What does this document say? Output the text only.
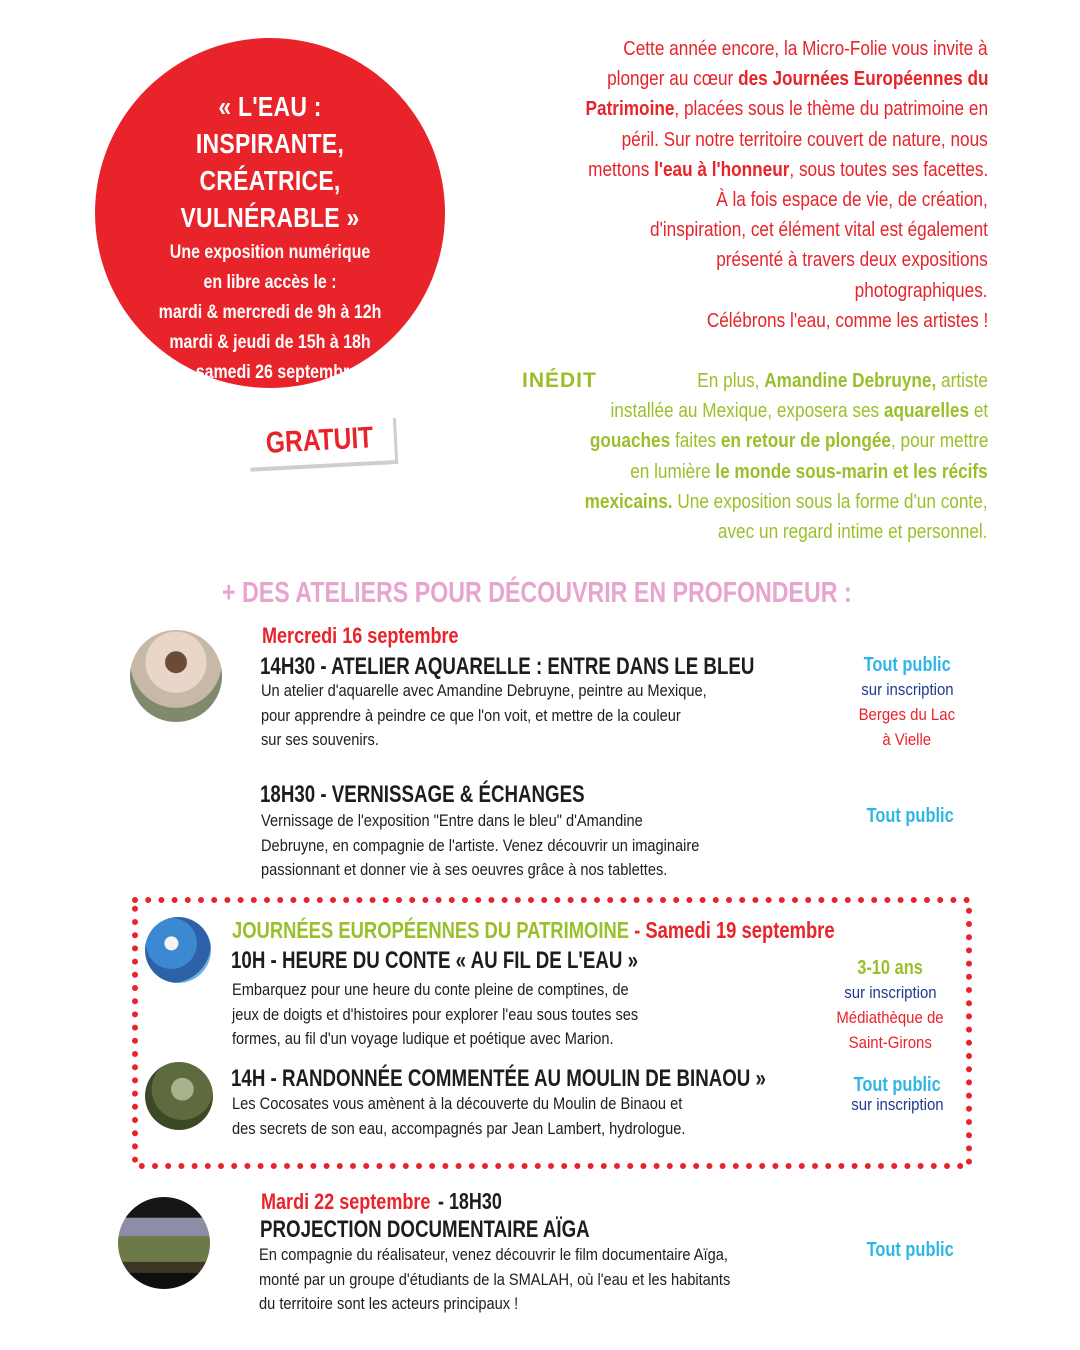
« L'EAU :
INSPIRANTE, CRÉATRICE,
VULNÉRABLE »
Une exposition numérique
en libre accès le :
mardi & mercredi de 9h à 12h
mardi & jeudi de 15h à 18h
+ samedi 26 septembre
de 9h à 13h
GRATUIT
Cette année encore, la Micro-Folie vous invite à
plonger au cœur des Journées Européennes du
Patrimoine, placées sous le thème du patrimoine en
péril. Sur notre territoire couvert de nature, nous
mettons l'eau à l'honneur, sous toutes ses facettes.
À la fois espace de vie, de création,
d'inspiration, cet élément vital est également
présenté à travers deux expositions
photographiques.
Célébrons l'eau, comme les artistes !
INÉDIT	En plus, Amandine Debruyne, artiste
installée au Mexique, exposera ses aquarelles et
gouaches faites en retour de plongée, pour mettre
en lumière le monde sous-marin et les récifs
mexicains. Une exposition sous la forme d'un conte,
avec un regard intime et personnel.
+ DES ATELIERS POUR DÉCOUVRIR EN PROFONDEUR :
Mercredi 16 septembre
14H30 - ATELIER AQUARELLE : ENTRE DANS LE BLEU
Un atelier d'aquarelle avec Amandine Debruyne, peintre au Mexique,
pour apprendre à peindre ce que l'on voit, et mettre de la couleur
sur ses souvenirs.
Tout public
sur inscription
Berges du Lac
à Vielle
18H30 - VERNISSAGE & ÉCHANGES
Vernissage de l'exposition "Entre dans le bleu" d'Amandine
Debruyne, en compagnie de l'artiste. Venez découvrir un imaginaire
passionnant et donner vie à ses oeuvres grâce à nos tablettes.
Tout public
JOURNÉES EUROPÉENNES DU PATRIMOINE - Samedi 19 septembre
10H - HEURE DU CONTE « AU FIL DE L'EAU »
Embarquez pour une heure du conte pleine de comptines, de
jeux de doigts et d'histoires pour explorer l'eau sous toutes ses
formes, au fil d'un voyage ludique et poétique avec Marion.
3-10 ans
sur inscription
Médiathèque de
Saint-Girons
14H - RANDONNÉE COMMENTÉE AU MOULIN DE BINAOU »
Les Cocosates vous amènent à la découverte du Moulin de Binaou et
des secrets de son eau, accompagnés par Jean Lambert, hydrologue.
Tout public
sur inscription
Mardi 22 septembre- 18H30
PROJECTION DOCUMENTAIRE AÏGA
En compagnie du réalisateur, venez découvrir le film documentaire Aïga,
monté par un groupe d'étudiants de la SMALAH, où l'eau et les habitants
du territoire sont les acteurs principaux !
Tout public
